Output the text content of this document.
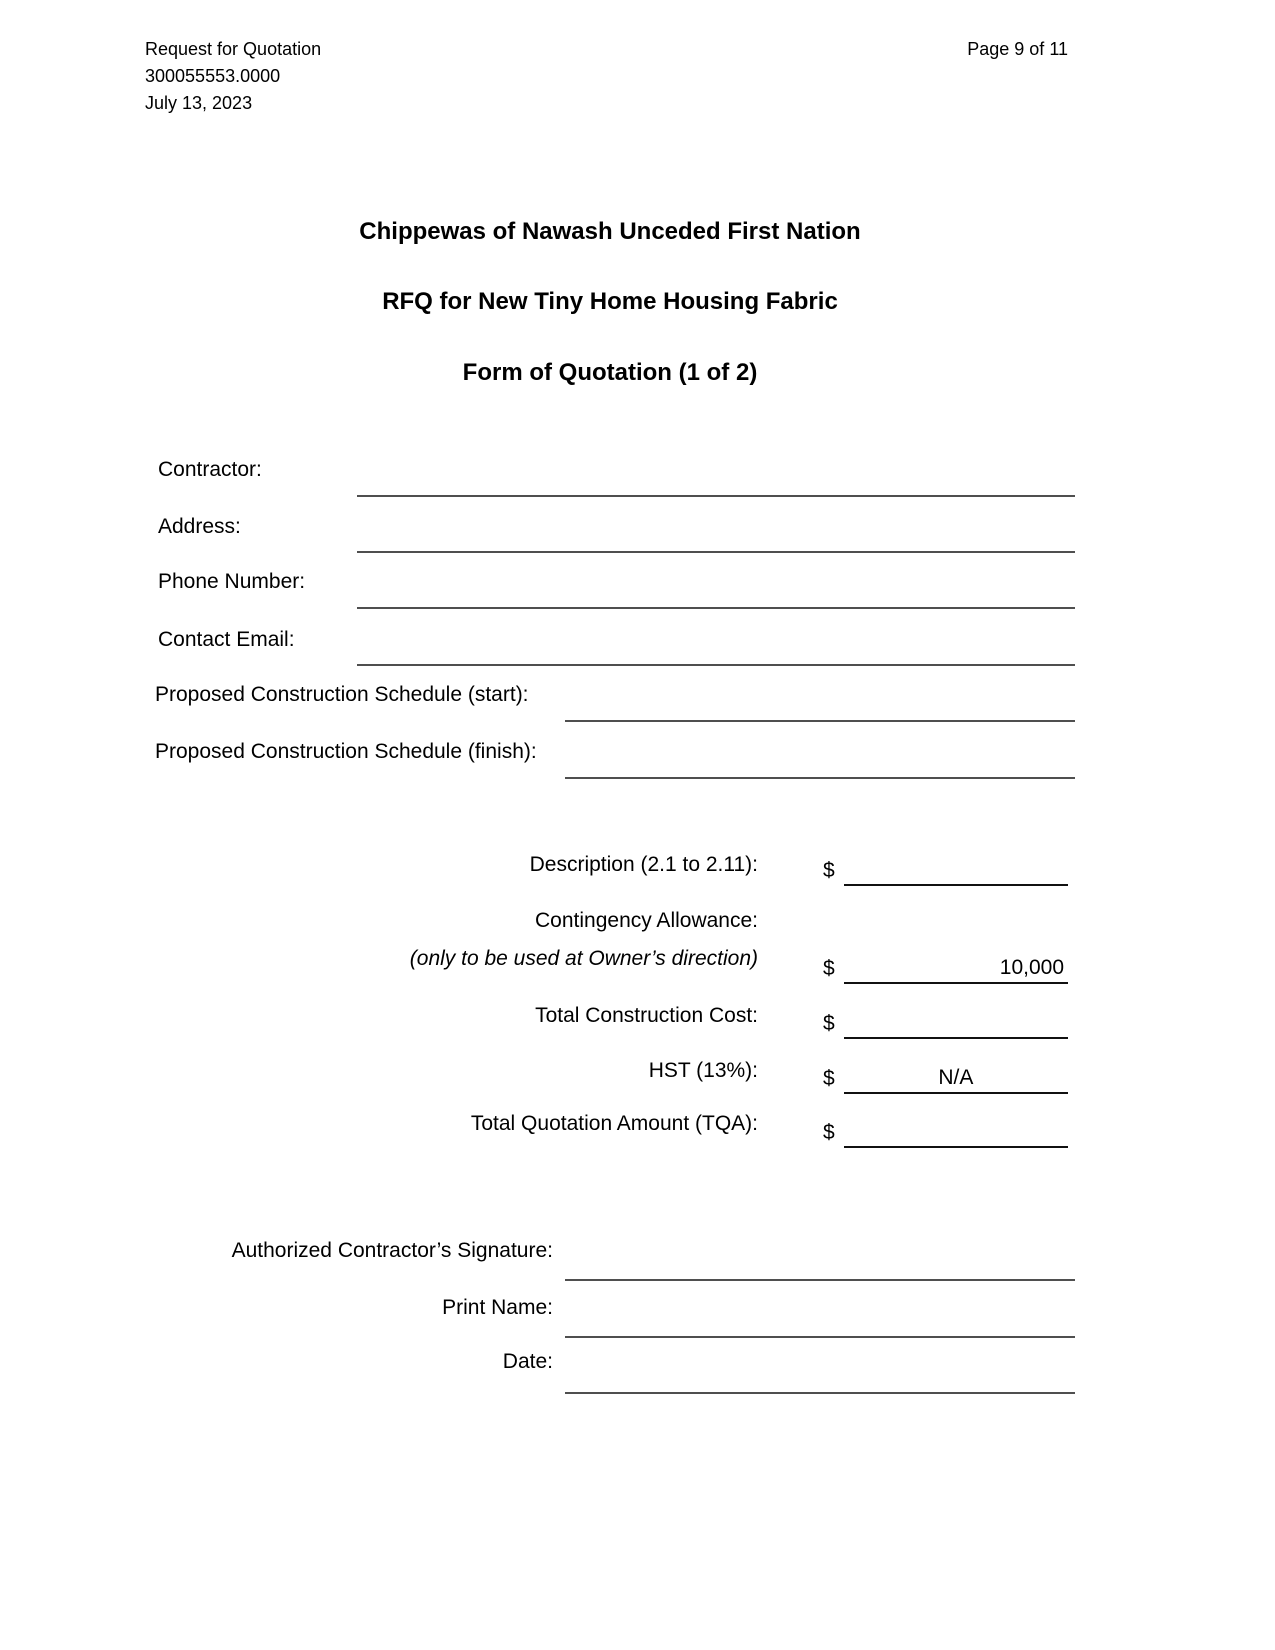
Request for Quotation
300055553.0000
July 13, 2023
Page 9 of 11
Chippewas of Nawash Unceded First Nation
RFQ for New Tiny Home Housing Fabric
Form of Quotation (1 of 2)
Contractor:
Address:
Phone Number:
Contact Email:
Proposed Construction Schedule (start):
Proposed Construction Schedule (finish):
Description (2.1 to 2.11):	$
Contingency Allowance:
(only to be used at Owner’s direction)	$	10,000
Total Construction Cost:	$
HST (13%):	$	N/A
Total Quotation Amount (TQA):	$
Authorized Contractor’s Signature:
Print Name:
Date:
